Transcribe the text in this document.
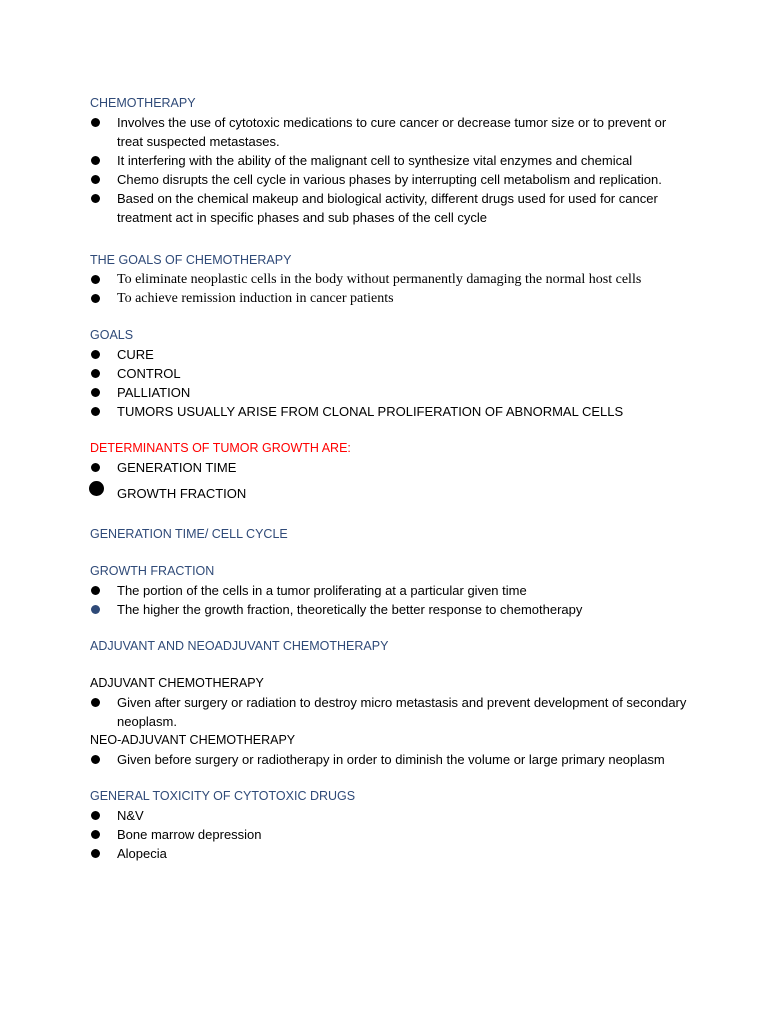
CHEMOTHERAPY

Involves the use of cytotoxic medications to cure cancer or decrease tumor size or to prevent or treat suspected metastases.
It interfering with the ability of the malignant cell to synthesize vital enzymes and chemical
Chemo disrupts the cell cycle in various phases by interrupting cell metabolism and replication.
Based on the chemical makeup and biological activity, different drugs used for used for cancer treatment act in specific phases and sub phases of the cell cycle

THE GOALS OF CHEMOTHERAPY

To eliminate neoplastic cells in the body without permanently damaging the normal host cells
To achieve remission induction in cancer patients

GOALS

CURE
CONTROL
PALLIATION
TUMORS USUALLY ARISE FROM CLONAL PROLIFERATION OF ABNORMAL CELLS

DETERMINANTS OF TUMOR GROWTH ARE:

GENERATION TIME
GROWTH FRACTION

GENERATION TIME/ CELL CYCLE

GROWTH FRACTION

The portion of the cells in a tumor proliferating at a particular given time
The higher the growth fraction, theoretically the better response to chemotherapy

ADJUVANT AND NEOADJUVANT CHEMOTHERAPY

ADJUVANT CHEMOTHERAPY

Given after surgery or radiation to destroy micro metastasis and prevent development of secondary neoplasm.

NEO-ADJUVANT CHEMOTHERAPY

Given before surgery or radiotherapy in order to diminish the volume or large primary neoplasm

GENERAL TOXICITY OF CYTOTOXIC DRUGS

N&V
Bone marrow depression
Alopecia
